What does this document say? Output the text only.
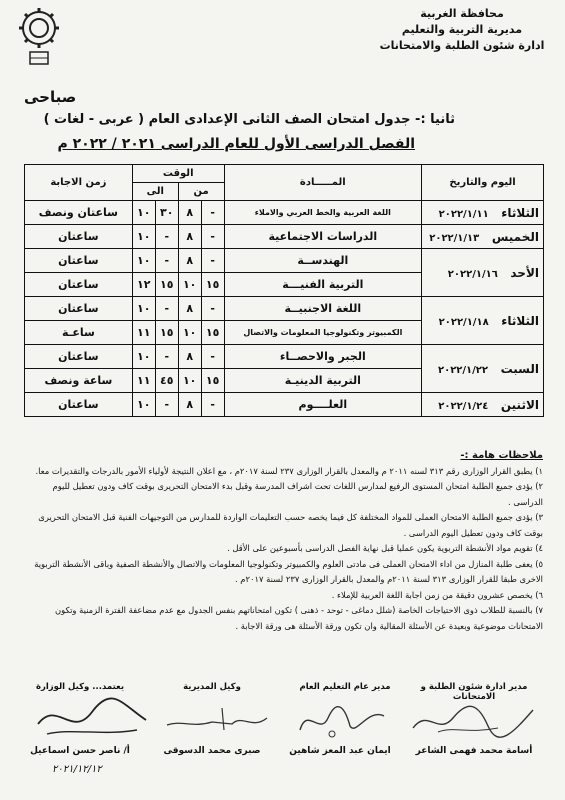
محافظة الغربية
مديرية التربية والتعليم
ادارة شئون الطلبة والامتحانات
صباحى
ثانيا :- جدول امتحان الصف الثانى الإعدادى العام ( عربى - لغات )
الفصل الدراسى الأول للعام الدراسى ٢٠٢١ / ٢٠٢٢ م
اليوم والتاريخ	المـــــادة	الوقت				زمن الاجابة
		من		الى		
الثلاثاء   ٢٠٢٢/١/١١	اللغة العربية والخط العربي والاملاء	-	٨	٣٠	١٠	ساعتان ونصف
الخميس   ٢٠٢٢/١/١٣	الدراسات الاجتماعية	-	٨	-	١٠	ساعتان
الأحد   ٢٠٢٢/١/١٦	الهندســة	-	٨	-	١٠	ساعتان
	التربية الفنيـــة	١٥	١٠	١٥	١٢	ساعتان
الثلاثاء   ٢٠٢٢/١/١٨	اللغة الاجنبيــة	-	٨	-	١٠	ساعتان
	الكمبيوتر وتكنولوجيا المعلومات والاتصال	١٥	١٠	١٥	١١	ساعـة
السبت   ٢٠٢٢/١/٢٢	الجبر والاحصــاء	-	٨	-	١٠	ساعتان
	التربية الدينيـة	١٥	١٠	٤٥	١١	ساعة ونصف
الاثنين   ٢٠٢٢/١/٢٤	العلــــوم	-	٨	-	١٠	ساعتان
ملاحظات هامة :-

١) يطبق القرار الوزارى رقم ٣١٣ لسنه ٢٠١١ م والمعدل بالقرار الوزارى ٢٣٧ لسنة ٢٠١٧م ، مع اعلان النتيجة لأولياء الأمور بالدرجات والتقديرات معا.

٢) يؤدى جميع الطلبة امتحان المستوى الرفيع لمدارس اللغات تحت اشراف المدرسة وقبل بدء الامتحان التحريرى بوقت كاف ودون تعطيل لليوم الدراسى .

٣) يؤدى جميع الطلبة الامتحان العملى للمواد المختلفة كل فيما يخصه حسب التعليمات الواردة للمدارس من التوجيهات الفنية قبل الامتحان التحريرى بوقت كاف ودون تعطيل اليوم الدراسى .

٤) تقويم مواد الأنشطة التربوية يكون عمليا قبل نهاية الفصل الدراسى بأسبوعين على الأقل .

٥) يعفى طلبة المنازل من اداء الامتحان العملى فى مادتى العلوم والكمبيوتر وتكنولوجيا المعلومات والاتصال والأنشطة الصفية وباقى الأنشطة التربوية الاخرى طبقا للقرار الوزارى ٣١٣ لسنة ٢٠١١م والمعدل بالقرار الوزارى ٢٣٧ لسنة ٢٠١٧م .

٦) يخصص عشرون دقيقة من زمن اجابة اللغة العربية للإملاء .

٧) بالنسبة للطلاب ذوى الاحتياجات الخاصة (شلل دماغى - توحد - ذهنى ) تكون امتحاناتهم بنفس الجدول مع عدم مضاعفة الفترة الزمنية وتكون الامتحانات موضوعية وبعيدة عن الأسئلة المقالية وان تكون ورقة الأسئلة هى ورقة الاجابة .

مدير ادارة شئون الطلبة و الامتحانات
مدير عام التعليم العام
وكيل المديرية
يعتمد... وكيل الوزارة
أسامة محمد فهمى الشاعر
ايمان عبد المعز شاهين
صبرى محمد الدسوقى
أ/ ناصر حسن اسماعيل
٢٠٢١/١٢/١٢
